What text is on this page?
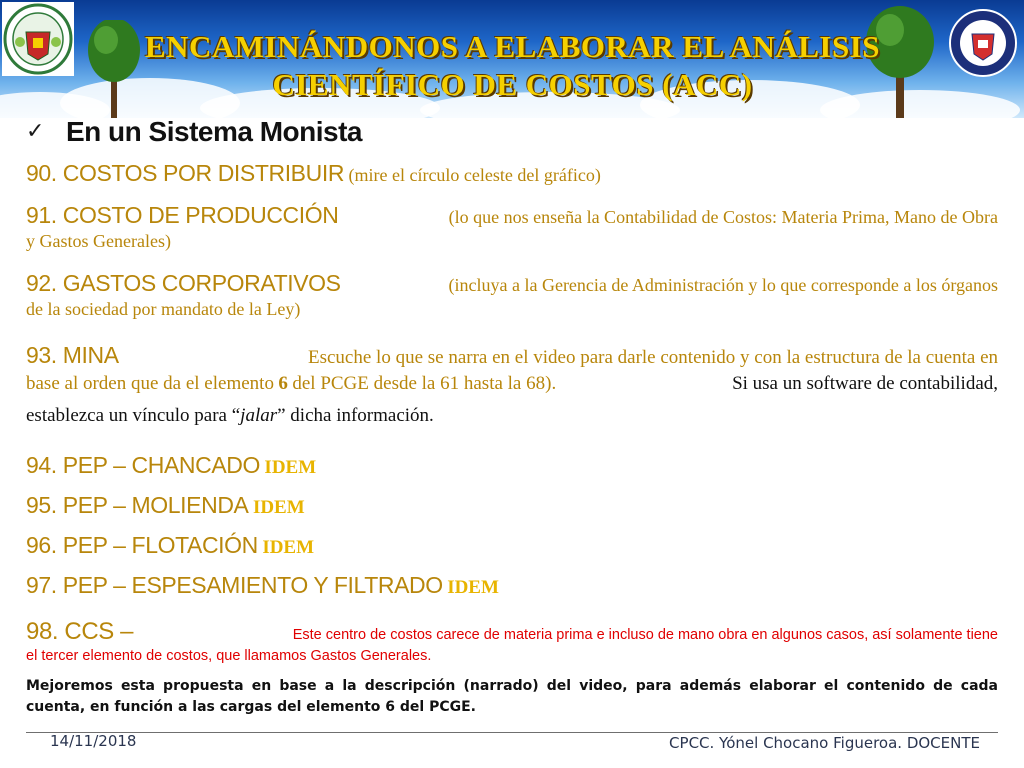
ENCAMINÁNDONOS A ELABORAR EL ANÁLISIS
CIENTÍFICO DE COSTOS (ACC)
✓ En un Sistema Monista
90. COSTOS POR DISTRIBUIR (mire el círculo celeste del gráfico)
91. COSTO DE PRODUCCIÓN	(lo que nos enseña la Contabilidad de Costos: Materia Prima, Mano de Obra
y Gastos Generales)
92. GASTOS CORPORATIVOS	(incluya a la Gerencia de Administración y lo que corresponde a los órganos
de la sociedad por mandato de la Ley)
93. MINA	Escuche lo que se narra en el video para darle contenido y con la estructura de la cuenta en
base al orden que da el elemento 6 del PCGE desde la 61 hasta la 68).	Si usa un software de contabilidad,
establezca un vínculo para “jalar” dicha información.
94. PEP – CHANCADO IDEM
95. PEP – MOLIENDA IDEM
96. PEP – FLOTACIÓN IDEM
97. PEP – ESPESAMIENTO Y FILTRADO IDEM
98. CCS –	Este centro de costos carece de materia prima e incluso de mano obra en algunos casos, así solamente tiene
el tercer elemento de costos, que llamamos Gastos Generales.
Mejoremos esta propuesta en base a la descripción (narrado) del video, para además elaborar el contenido de cada cuenta, en función a las cargas del elemento 6 del PCGE.
14/11/2018	CPCC. Yónel Chocano Figueroa. DOCENTE
